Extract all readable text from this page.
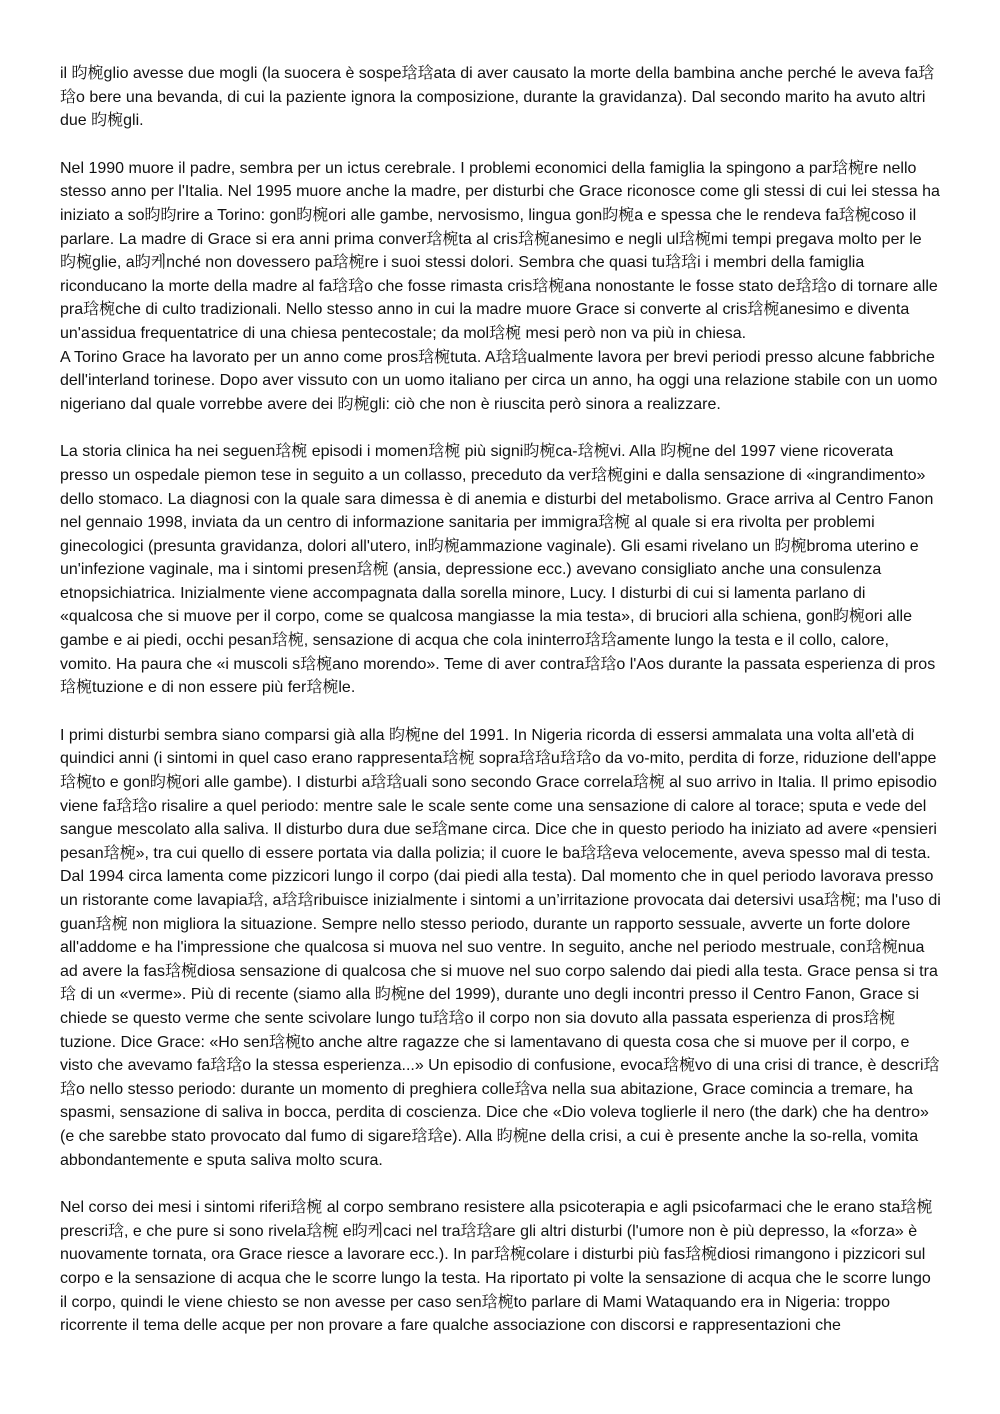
il 昀椀glio avesse due mogli (la suocera è sospe琀琀ata di aver causato la morte della bambina anche perché le aveva fa琀琀o bere una bevanda, di cui la paziente ignora la composizione, durante la gravidanza). Dal secondo marito ha avuto altri due 昀椀gli.

Nel 1990 muore il padre, sembra per un ictus cerebrale. I problemi economici della famiglia la spingono a par琀椀re nello stesso anno per l'Italia. Nel 1995 muore anche la madre, per disturbi che Grace riconosce come gli stessi di cui lei stessa ha iniziato a so昀昀rire a Torino: gon昀椀ori alle gambe, nervosismo, lingua gon昀椀a e spessa che le rendeva fa琀椀coso il parlare. La madre di Grace si era anni prima conver琀椀ta al cris琀椀anesimo e negli ul琀椀mi tempi pregava molto per le 昀椀glie, a昀케nché non dovessero pa琀椀re i suoi stessi dolori. Sembra che quasi tu琀琀i i membri della famiglia riconducano la morte della madre al fa琀琀o che fosse rimasta cris琀椀ana nonostante le fosse stato de琀琀o di tornare alle pra琀椀che di culto tradizionali. Nello stesso anno in cui la madre muore Grace si converte al cris琀椀anesimo e diventa un'assidua frequentatrice di una chiesa pentecostale; da mol琀椀 mesi però non va più in chiesa.
A Torino Grace ha lavorato per un anno come pros琀椀tuta. A琀琀ualmente lavora per brevi periodi presso alcune fabbriche dell'interland torinese. Dopo aver vissuto con un uomo italiano per circa un anno, ha oggi una relazione stabile con un uomo nigeriano dal quale vorrebbe avere dei 昀椀gli: ciò che non è riuscita però sinora a realizzare.

La storia clinica ha nei seguen琀椀 episodi i momen琀椀 più signi昀椀ca-琀椀vi. Alla 昀椀ne del 1997 viene ricoverata presso un ospedale piemon tese in seguito a un collasso, preceduto da ver琀椀gini e dalla sensazione di «ingrandimento» dello stomaco. La diagnosi con la quale sara dimessa è di anemia e disturbi del metabolismo. Grace arriva al Centro Fanon nel gennaio 1998, inviata da un centro di informazione sanitaria per immigra琀椀 al quale si era rivolta per problemi ginecologici (presunta gravidanza, dolori all'utero, in昀椀ammazione vaginale). Gli esami rivelano un 昀椀broma uterino e un'infezione vaginale, ma i sintomi presen琀椀 (ansia, depressione ecc.) avevano consigliato anche una consulenza etnopsichiatrica. Inizialmente viene accompagnata dalla sorella minore, Lucy. I disturbi di cui si lamenta parlano di «qualcosa che si muove per il corpo, come se qualcosa mangiasse la mia testa», di bruciori alla schiena, gon昀椀ori alle gambe e ai piedi, occhi pesan琀椀, sensazione di acqua che cola ininterro琀琀amente lungo la testa e il collo, calore, vomito. Ha paura che «i muscoli s琀椀ano morendo». Teme di aver contra琀琀o l'Aos durante la passata esperienza di pros琀椀tuzione e di non essere più fer琀椀le.

I primi disturbi sembra siano comparsi già alla 昀椀ne del 1991. In Nigeria ricorda di essersi ammalata una volta all'età di quindici anni (i sintomi in quel caso erano rappresenta琀椀 sopra琀琀u琀琀o da vo-mito, perdita di forze, riduzione dell'appe琀椀to e gon昀椀ori alle gambe). I disturbi a琀琀uali sono secondo Grace correla琀椀 al suo arrivo in Italia. Il primo episodio viene fa琀琀o risalire a quel periodo: mentre sale le scale sente come una sensazione di calore al torace; sputa e vede del sangue mescolato alla saliva. Il disturbo dura due se琀mane circa. Dice che in questo periodo ha iniziato ad avere «pensieri pesan琀椀», tra cui quello di essere portata via dalla polizia; il cuore le ba琀琀eva velocemente, aveva spesso mal di testa. Dal 1994 circa lamenta come pizzicori lungo il corpo (dai piedi alla testa). Dal momento che in quel periodo lavorava presso un ristorante come lavapia琀, a琀琀ribuisce inizialmente i sintomi a un’irritazione provocata dai detersivi usa琀椀; ma l'uso di guan琀椀 non migliora la situazione. Sempre nello stesso periodo, durante un rapporto sessuale, avverte un forte dolore all'addome e ha l'impressione che qualcosa si muova nel suo ventre. In seguito, anche nel periodo mestruale, con琀椀nua ad avere la fas琀椀diosa sensazione di qualcosa che si muove nel suo corpo salendo dai piedi alla testa. Grace pensa si tra琀 di un «verme». Più di recente (siamo alla 昀椀ne del 1999), durante uno degli incontri presso il Centro Fanon, Grace si chiede se questo verme che sente scivolare lungo tu琀琀o il corpo non sia dovuto alla passata esperienza di pros琀椀tuzione. Dice Grace: «Ho sen琀椀to anche altre ragazze che si lamentavano di questa cosa che si muove per il corpo, e visto che avevamo fa琀琀o la stessa esperienza...» Un episodio di confusione, evoca琀椀vo di una crisi di trance, è descri琀琀o nello stesso periodo: durante un momento di preghiera colle琀va nella sua abitazione, Grace comincia a tremare, ha spasmi, sensazione di saliva in bocca, perdita di coscienza. Dice che «Dio voleva toglierle il nero (the dark) che ha dentro» (e che sarebbe stato provocato dal fumo di sigare琀琀e). Alla 昀椀ne della crisi, a cui è presente anche la so-rella, vomita abbondantemente e sputa saliva molto scura.

Nel corso dei mesi i sintomi riferi琀椀 al corpo sembrano resistere alla psicoterapia e agli psicofarmaci che le erano sta琀椀 prescri琀, e che pure si sono rivela琀椀 e昀케caci nel tra琀琀are gli altri disturbi (l'umore non è più depresso, la «forza» è nuovamente tornata, ora Grace riesce a lavorare ecc.). In par琀椀colare i disturbi più fas琀椀diosi rimangono i pizzicori sul corpo e la sensazione di acqua che le scorre lungo la testa. Ha riportato pi volte la sensazione di acqua che le scorre lungo il corpo, quindi le viene chiesto se non avesse per caso sen琀椀to parlare di Mami Wataquando era in Nigeria: troppo ricorrente il tema delle acque per non provare a fare qualche associazione con discorsi e rappresentazioni che
